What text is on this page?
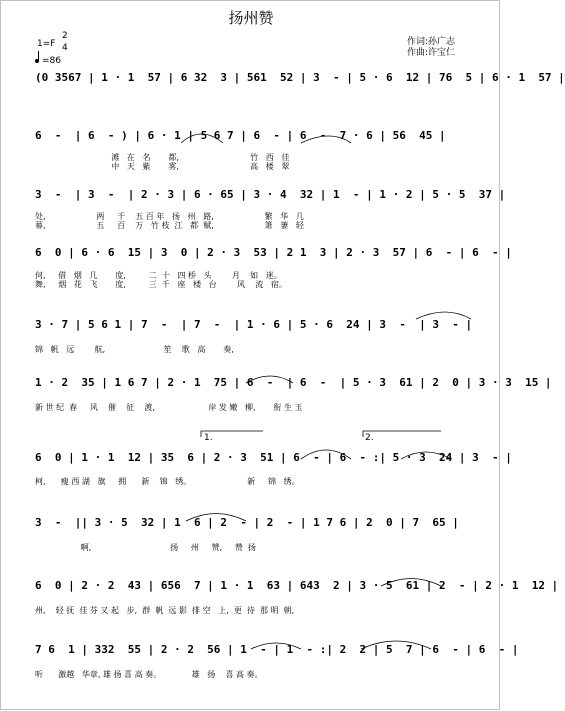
扬州赞
1=F
2
4
=86
作词:孙广志
作曲:许宝仁
(0 3567 | 1 · 1  57 | 6 32  3 | 561  52 | 3  - | 5 · 6  12 | 76  5 | 6 · 1  57 |
6  -  | 6  - ) | 6 · 1 | 5 6 7 | 6  - | 6  -  7 · 6 | 56  45 |
滩   在   名       都,                            竹   西   佳
中   天   紫       雾,                            高   楼   翠
3  -  | 3  -  | 2 · 3 | 6 · 65 | 3 · 4  32 | 1  - | 1 · 2 | 5 · 5  37 |
处,                    两     千    五 百 年   扬   州   路,                    繁   华   几
幕,                    五     百    万   竹 枝  江   都  赋,                    箫   萋   轻
6  0 | 6 · 6  15 | 3  0 | 2 · 3  53 | 2 1  3 | 2 · 3  57 | 6  - | 6  - |
何,     借   烟   几       度,         二  十   四 桥   头        月    如   迷。
舞,     烟   花   飞       度,         三  千   座   楼   台        风    流   宿。
3 · 7 | 5 6 1 | 7  -  | 7  -  | 1 · 6 | 5 · 6  24 | 3  -  | 3  - |
锦   帆   远        航,                       笙    歌   高       奏,
1 · 2  35 | 1 6 7 | 2 · 1  75 | 6  -  | 6  -  | 5 · 3  61 | 2  0 | 3 · 3  15 |
新 世 纪  春     风    催    征    渡,                     岸 发 嫩   柳,       衔 生 玉
1.	2.
6  0 | 1 · 1  12 | 35  6 | 2 · 3  51 | 6  - | 6  - :| 5 · 3  24 | 3  - |
柯,      瘦 西 湖   旗     拥      新    锦   绣。                      新     锦   绣。
3  -  || 3 · 5  32 | 1  6 | 2  - | 2  - | 1 7 6 | 2  0 | 7  65 |
啊,                               扬     州     赞,     赞  扬
6  0 | 2 · 2  43 | 656  7 | 1 · 1  63 | 643  2 | 3 · 5  61 | 2  - | 2 · 1  12 |
州,    轻 抚  佳 芬 又 起   步,  群  帆  远 影  排 空   上,  更  待  那 明  朝,
7 6  1 | 332  55 | 2 · 2  56 | 1  - | 1  - :| 2  2 | 5  7 | 6  - | 6  - |
听      激越   华章, 雄 扬 喜 高 奏。            雄   扬    喜 高 奏。
